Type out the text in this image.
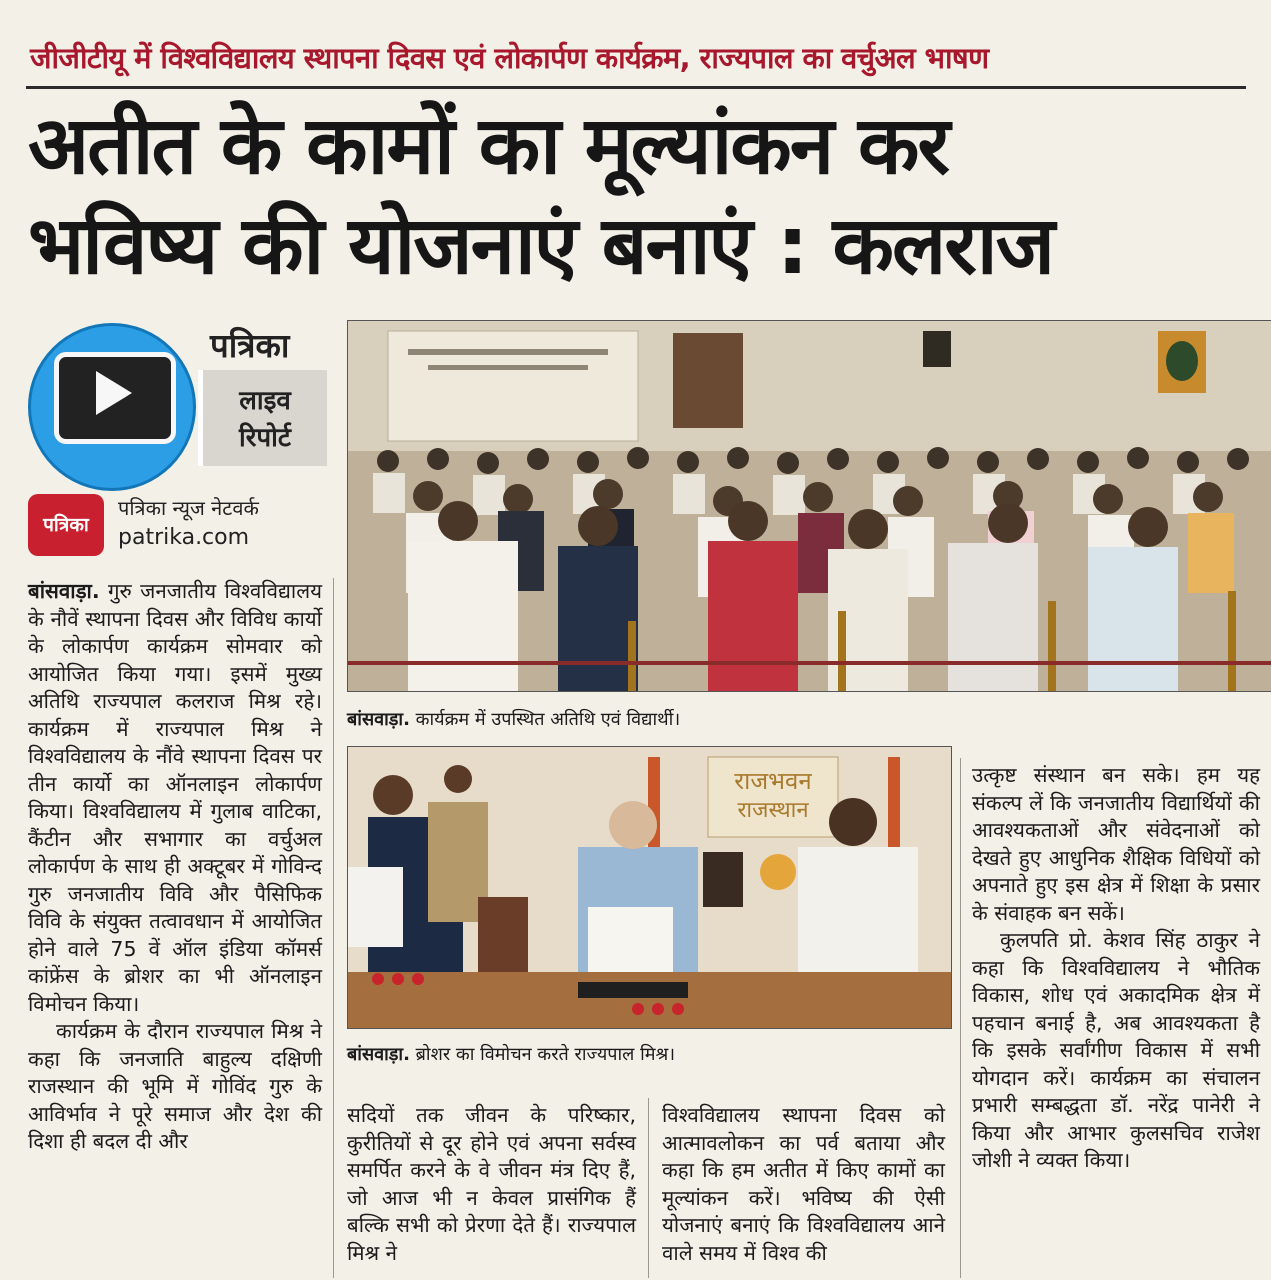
जीजीटीयू में विश्वविद्यालय स्थापना दिवस एवं लोकार्पण कार्यक्रम, राज्यपाल का वर्चुअल भाषण
अतीत के कामों का मूल्यांकन कर
भविष्य की योजनाएं बनाएं : कलराज
पत्रिका
लाइव
रिपोर्ट
पत्रिका
पत्रिका न्यूज नेटवर्क
patrika.com

बांसवाड़ा. गुरु जनजातीय विश्वविद्यालय के नौवें स्थापना दिवस और विविध कार्यो के लोकार्पण कार्यक्रम सोमवार को आयोजित किया गया। इसमें मुख्य अतिथि राज्यपाल कलराज मिश्र रहे। कार्यक्रम में राज्यपाल मिश्र ने विश्वविद्यालय के नौंवे स्थापना दिवस पर तीन कार्यो का ऑनलाइन लोकार्पण किया। विश्वविद्यालय में गुलाब वाटिका, कैंटीन और सभागार का वर्चुअल लोकार्पण के साथ ही अक्टूबर में गोविन्द गुरु जनजातीय विवि और पैसिफिक विवि के संयुक्त तत्वावधान में आयोजित होने वाले 75 वें ऑल इंडिया कॉमर्स कांफ्रेंस के ब्रोशर का भी ऑनलाइन विमोचन किया।

कार्यक्रम के दौरान राज्यपाल मिश्र ने कहा कि जनजाति बाहुल्य दक्षिणी राजस्थान की भूमि में गोविंद गुरु के आविर्भाव ने पूरे समाज और देश की दिशा ही बदल दी और

बांसवाड़ा. कार्यक्रम में उपस्थित अतिथि एवं विद्यार्थी।
राजभवन
राजस्थान
बांसवाड़ा. ब्रोशर का विमोचन करते राज्यपाल मिश्र।

उत्कृष्ट संस्थान बन सके। हम यह संकल्प लें कि जनजातीय विद्यार्थियों की आवश्यकताओं और संवेदनाओं को देखते हुए आधुनिक शैक्षिक विधियों को अपनाते हुए इस क्षेत्र में शिक्षा के प्रसार के संवाहक बन सकें।

कुलपति प्रो. केशव सिंह ठाकुर ने कहा कि विश्वविद्यालय ने भौतिक विकास, शोध एवं अकादमिक क्षेत्र में पहचान बनाई है, अब आवश्यकता है कि इसके सर्वांगीण विकास में सभी योगदान करें। कार्यक्रम का संचालन प्रभारी सम्बद्धता डॉ. नरेंद्र पानेरी ने किया और आभार कुलसचिव राजेश जोशी ने व्यक्त किया।

सदियों तक जीवन के परिष्कार, कुरीतियों से दूर होने एवं अपना सर्वस्व समर्पित करने के वे जीवन मंत्र दिए हैं, जो आज भी न केवल प्रासंगिक हैं बल्कि सभी को प्रेरणा देते हैं। राज्यपाल मिश्र ने

विश्वविद्यालय स्थापना दिवस को आत्मावलोकन का पर्व बताया और कहा कि हम अतीत में किए कामों का मूल्यांकन करें। भविष्य की ऐसी योजनाएं बनाएं कि विश्वविद्यालय आने वाले समय में विश्व की
